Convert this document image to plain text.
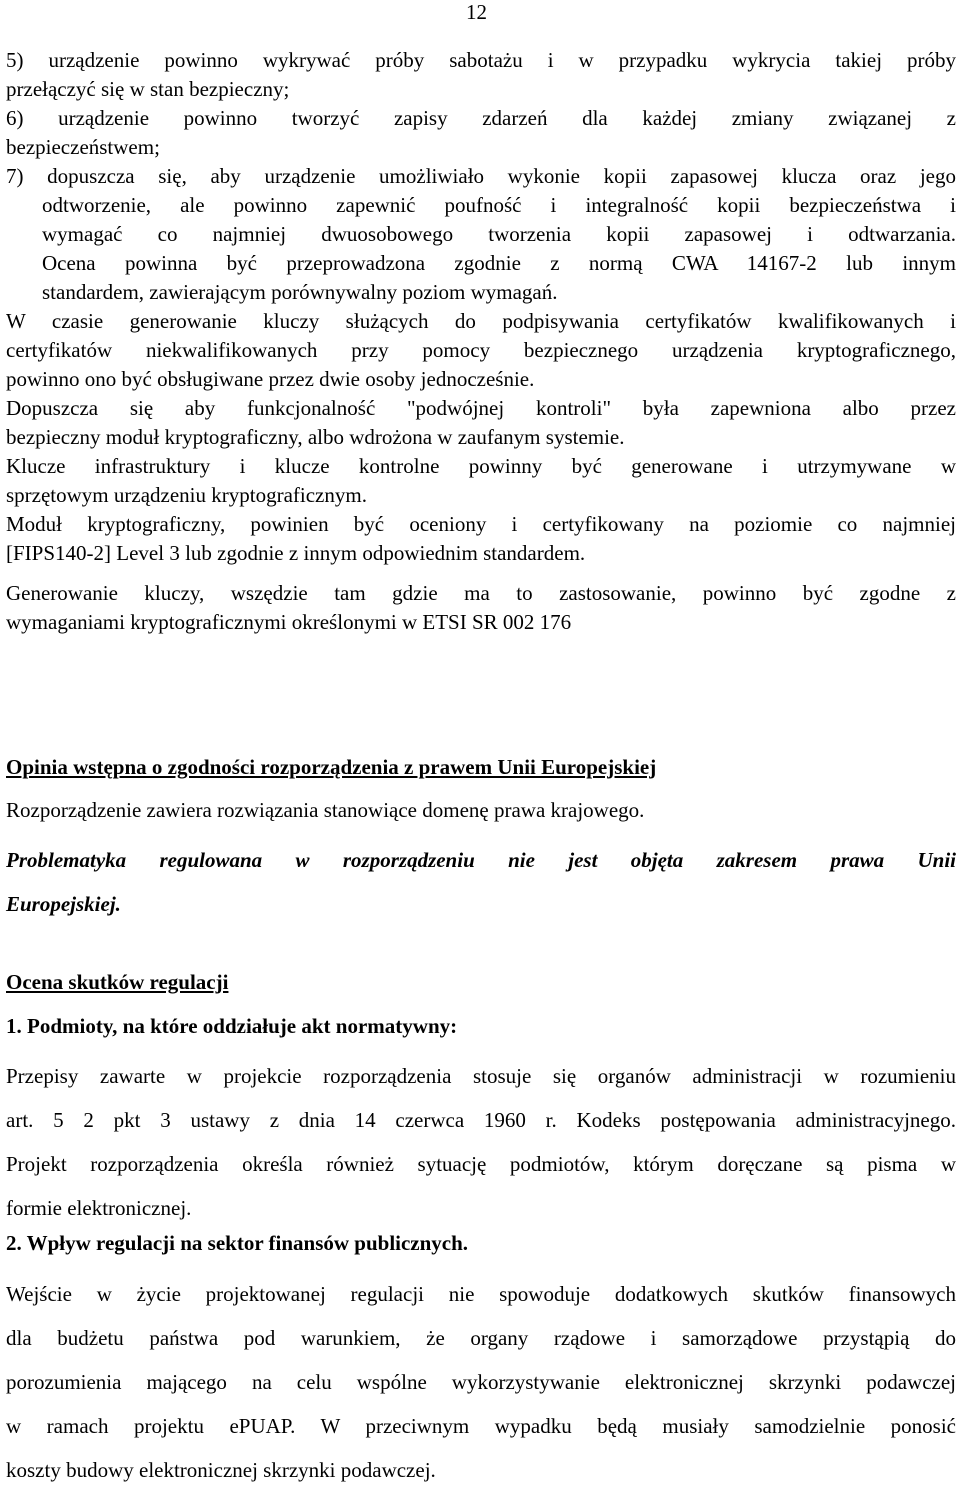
12
5) urządzenie powinno wykrywać próby sabotażu i w przypadku wykrycia takiej próby
przełączyć się w stan bezpieczny;
6) urządzenie powinno tworzyć zapisy zdarzeń dla każdej zmiany związanej z
bezpieczeństwem;
7) dopuszcza się, aby urządzenie umożliwiało wykonie kopii zapasowej klucza oraz jego
odtworzenie, ale powinno zapewnić poufność i integralność kopii bezpieczeństwa i
wymagać co najmniej dwuosobowego tworzenia kopii zapasowej i odtwarzania.
Ocena powinna być przeprowadzona zgodnie z normą CWA 14167-2 lub innym
standardem, zawierającym porównywalny poziom wymagań.
W czasie generowanie kluczy służących do podpisywania certyfikatów kwalifikowanych i
certyfikatów niekwalifikowanych przy pomocy bezpiecznego urządzenia kryptograficznego,
powinno ono być obsługiwane przez dwie osoby jednocześnie.
Dopuszcza się aby funkcjonalność "podwójnej kontroli" była zapewniona albo przez
bezpieczny moduł kryptograficzny, albo wdrożona w zaufanym systemie.
Klucze infrastruktury i klucze kontrolne powinny być generowane i utrzymywane w
sprzętowym urządzeniu kryptograficznym.
Moduł kryptograficzny, powinien być oceniony i certyfikowany na poziomie co najmniej
[FIPS140-2] Level 3 lub zgodnie z innym odpowiednim standardem.
Generowanie kluczy, wszędzie tam gdzie ma to zastosowanie, powinno być zgodne z
wymaganiami kryptograficznymi określonymi w ETSI SR 002 176
Opinia wstępna o zgodności rozporządzenia z prawem Unii Europejskiej
Rozporządzenie zawiera rozwiązania stanowiące domenę prawa krajowego.
Problematyka regulowana w rozporządzeniu nie jest objęta zakresem prawa Unii
Europejskiej.
Ocena skutków regulacji
1. Podmioty, na które oddziałuje akt normatywny:
Przepisy zawarte w projekcie rozporządzenia stosuje się organów administracji w rozumieniu
art. 5 2 pkt 3 ustawy z dnia 14 czerwca 1960 r. Kodeks postępowania administracyjnego.
Projekt rozporządzenia określa również sytuację podmiotów, którym doręczane są pisma w
formie elektronicznej.
2. Wpływ regulacji na sektor finansów publicznych.
Wejście w życie projektowanej regulacji nie spowoduje dodatkowych skutków finansowych
dla budżetu państwa pod warunkiem, że organy rządowe i samorządowe przystąpią do
porozumienia mającego na celu wspólne wykorzystywanie elektronicznej skrzynki podawczej
w ramach projektu ePUAP. W przeciwnym wypadku będą musiały samodzielnie ponosić
koszty budowy elektronicznej skrzynki podawczej.
